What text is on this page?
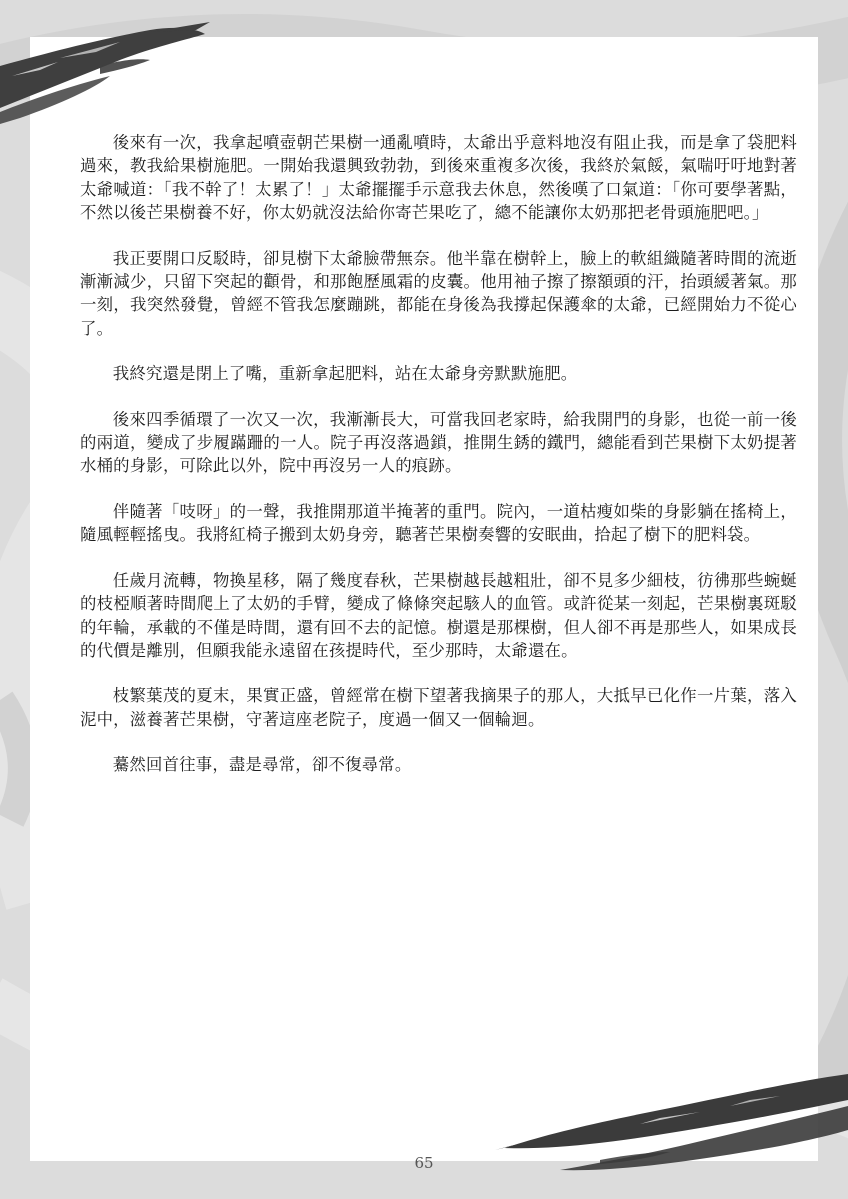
後來有一次，我拿起噴壺朝芒果樹一通亂噴時，太爺出乎意料地沒有阻止我，而是拿了袋肥料過來，教我給果樹施肥。一開始我還興致勃勃，到後來重複多次後，我終於氣餒，氣喘吁吁地對著太爺喊道：「我不幹了！太累了！」太爺擺擺手示意我去休息，然後嘆了口氣道：「你可要學著點，不然以後芒果樹養不好，你太奶就沒法給你寄芒果吃了，總不能讓你太奶那把老骨頭施肥吧。」

我正要開口反駁時，卻見樹下太爺臉帶無奈。他半靠在樹幹上，臉上的軟組織隨著時間的流逝漸漸減少，只留下突起的顴骨，和那飽歷風霜的皮囊。他用袖子擦了擦額頭的汗，抬頭緩著氣。那一刻，我突然發覺，曾經不管我怎麼蹦跳，都能在身後為我撐起保護傘的太爺，已經開始力不從心了。

我終究還是閉上了嘴，重新拿起肥料，站在太爺身旁默默施肥。

後來四季循環了一次又一次，我漸漸長大，可當我回老家時，給我開門的身影，也從一前一後的兩道，變成了步履蹣跚的一人。院子再沒落過鎖，推開生銹的鐵門，總能看到芒果樹下太奶提著水桶的身影，可除此以外，院中再沒另一人的痕跡。

伴隨著「吱呀」的一聲，我推開那道半掩著的重門。院內，一道枯瘦如柴的身影躺在搖椅上，隨風輕輕搖曳。我將紅椅子搬到太奶身旁，聽著芒果樹奏響的安眠曲，拾起了樹下的肥料袋。

任歲月流轉，物換星移，隔了幾度春秋，芒果樹越長越粗壯，卻不見多少細枝，彷彿那些蜿蜒的枝椏順著時間爬上了太奶的手臂，變成了條條突起駭人的血管。或許從某一刻起，芒果樹裏斑駁的年輪，承載的不僅是時間，還有回不去的記憶。樹還是那棵樹，但人卻不再是那些人，如果成長的代價是離別，但願我能永遠留在孩提時代，至少那時，太爺還在。

枝繁葉茂的夏末，果實正盛，曾經常在樹下望著我摘果子的那人，大抵早已化作一片葉，落入泥中，滋養著芒果樹，守著這座老院子，度過一個又一個輪迴。

驀然回首往事，盡是尋常，卻不復尋常。

65
